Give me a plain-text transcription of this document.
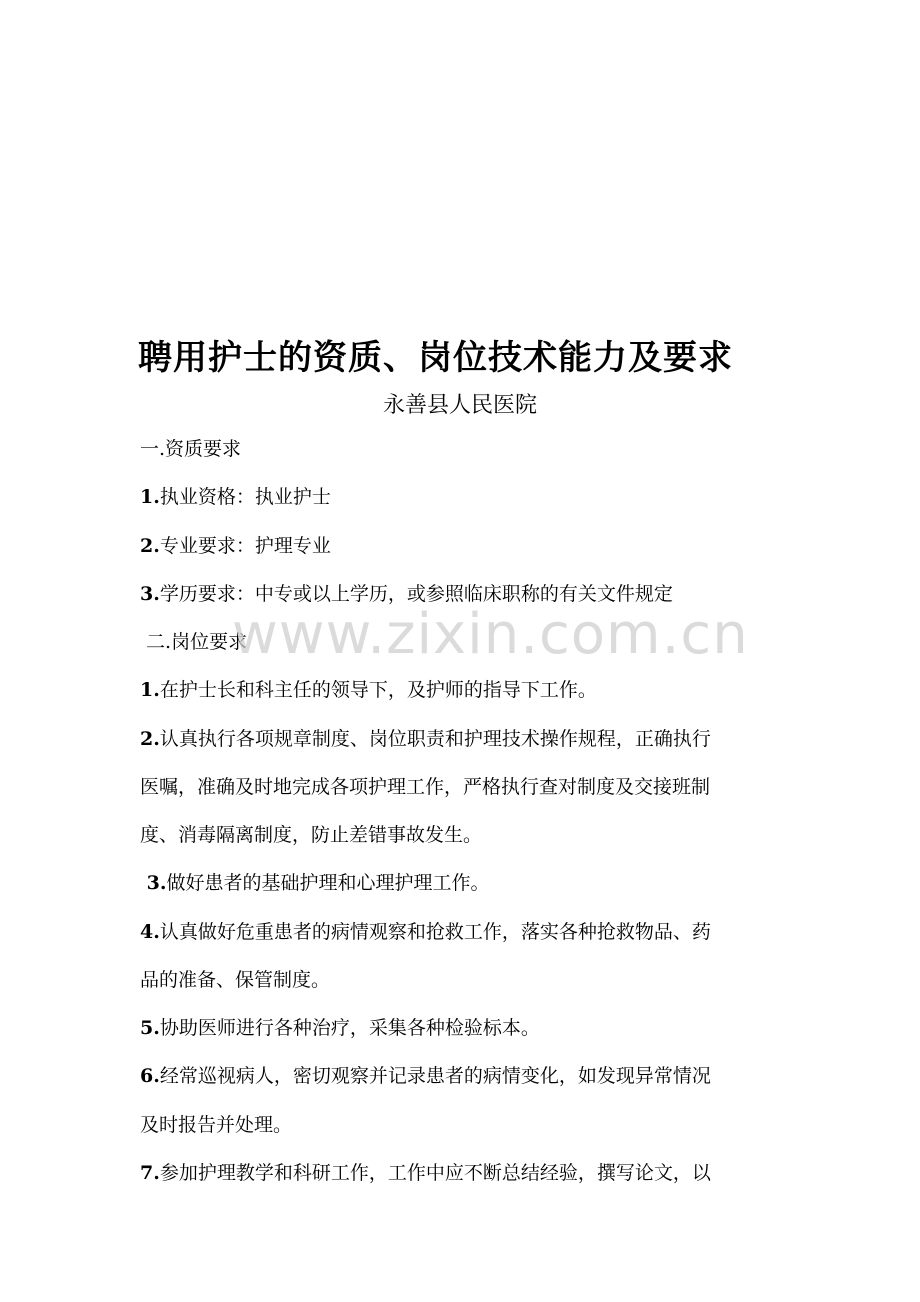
聘用护士的资质、岗位技术能力及要求

永善县人民医院

一.资质要求

1.执业资格：执业护士

2.专业要求：护理专业

3.学历要求：中专或以上学历，或参照临床职称的有关文件规定

二.岗位要求

1.在护士长和科主任的领导下，及护师的指导下工作。

2.认真执行各项规章制度、岗位职责和护理技术操作规程，正确执行

医嘱，准确及时地完成各项护理工作，严格执行查对制度及交接班制

度、消毒隔离制度，防止差错事故发生。

3.做好患者的基础护理和心理护理工作。

4.认真做好危重患者的病情观察和抢救工作，落实各种抢救物品、药

品的准备、保管制度。

5.协助医师进行各种治疗，采集各种检验标本。

6.经常巡视病人，密切观察并记录患者的病情变化，如发现异常情况

及时报告并处理。

7.参加护理教学和科研工作，工作中应不断总结经验，撰写论文，以

www.zixin.com.cn
